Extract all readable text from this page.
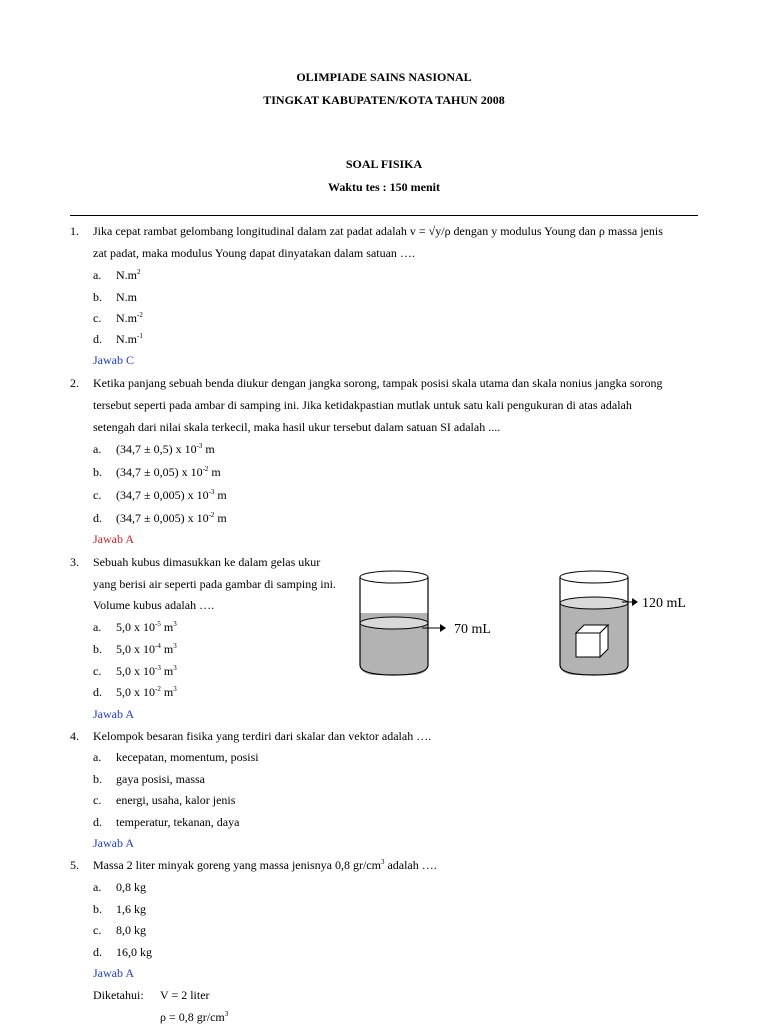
OLIMPIADE SAINS NASIONAL
TINGKAT KABUPATEN/KOTA TAHUN 2008
SOAL FISIKA
Waktu tes : 150 menit
1.	Jika cepat rambat gelombang longitudinal dalam zat padat adalah v = √y/ρ dengan y modulus Young dan ρ massa jenis
zat padat, maka modulus Young dapat dinyatakan dalam satuan ….
a. $N.m^2$
b. N.m
c. $N.m^{-2}$
d. $N.m^{-1}$
Jawab C
2.	Ketika panjang sebuah benda diukur dengan jangka sorong, tampak posisi skala utama dan skala nonius jangka sorong
tersebut seperti pada ambar di samping ini. Jika ketidakpastian mutlak untuk satu kali pengukuran di atas adalah
setengah dari nilai skala terkecil, maka hasil ukur tersebut dalam satuan SI adalah ....
a. (34,7 ± 0,5) x $10^{-3}$ m
b. (34,7 ± 0,05) x $10^{-2}$ m
c. (34,7 ± 0,005) x $10^{-3}$ m
d. (34,7 ± 0,005) x $10^{-2}$ m
Jawab A
3.	Sebuah kubus dimasukkan ke dalam gelas ukur
yang berisi air seperti pada gambar di samping ini.
Volume kubus adalah ….
a. 5,0 x $10^{-5}$ $m^3$
b. 5,0 x $10^{-4}$ $m^3$
c. 5,0 x $10^{-3}$ $m^3$
d. 5,0 x $10^{-2}$ $m^3$
Jawab A
70 mL
120 mL
4.	Kelompok besaran fisika yang terdiri dari skalar dan vektor adalah ….
a. kecepatan, momentum, posisi
b. gaya posisi, massa
c. energi, usaha, kalor jenis
d. temperatur, tekanan, daya
Jawab A
5.	Massa 2 liter minyak goreng yang massa jenisnya 0,8 $gr/cm^3$ adalah ….
a. 0,8 kg
b. 1,6 kg
c. 8,0 kg
d. 16,0 kg
Jawab A
Diketahui: V = 2 liter
ρ = 0,8 $gr/cm^3$
